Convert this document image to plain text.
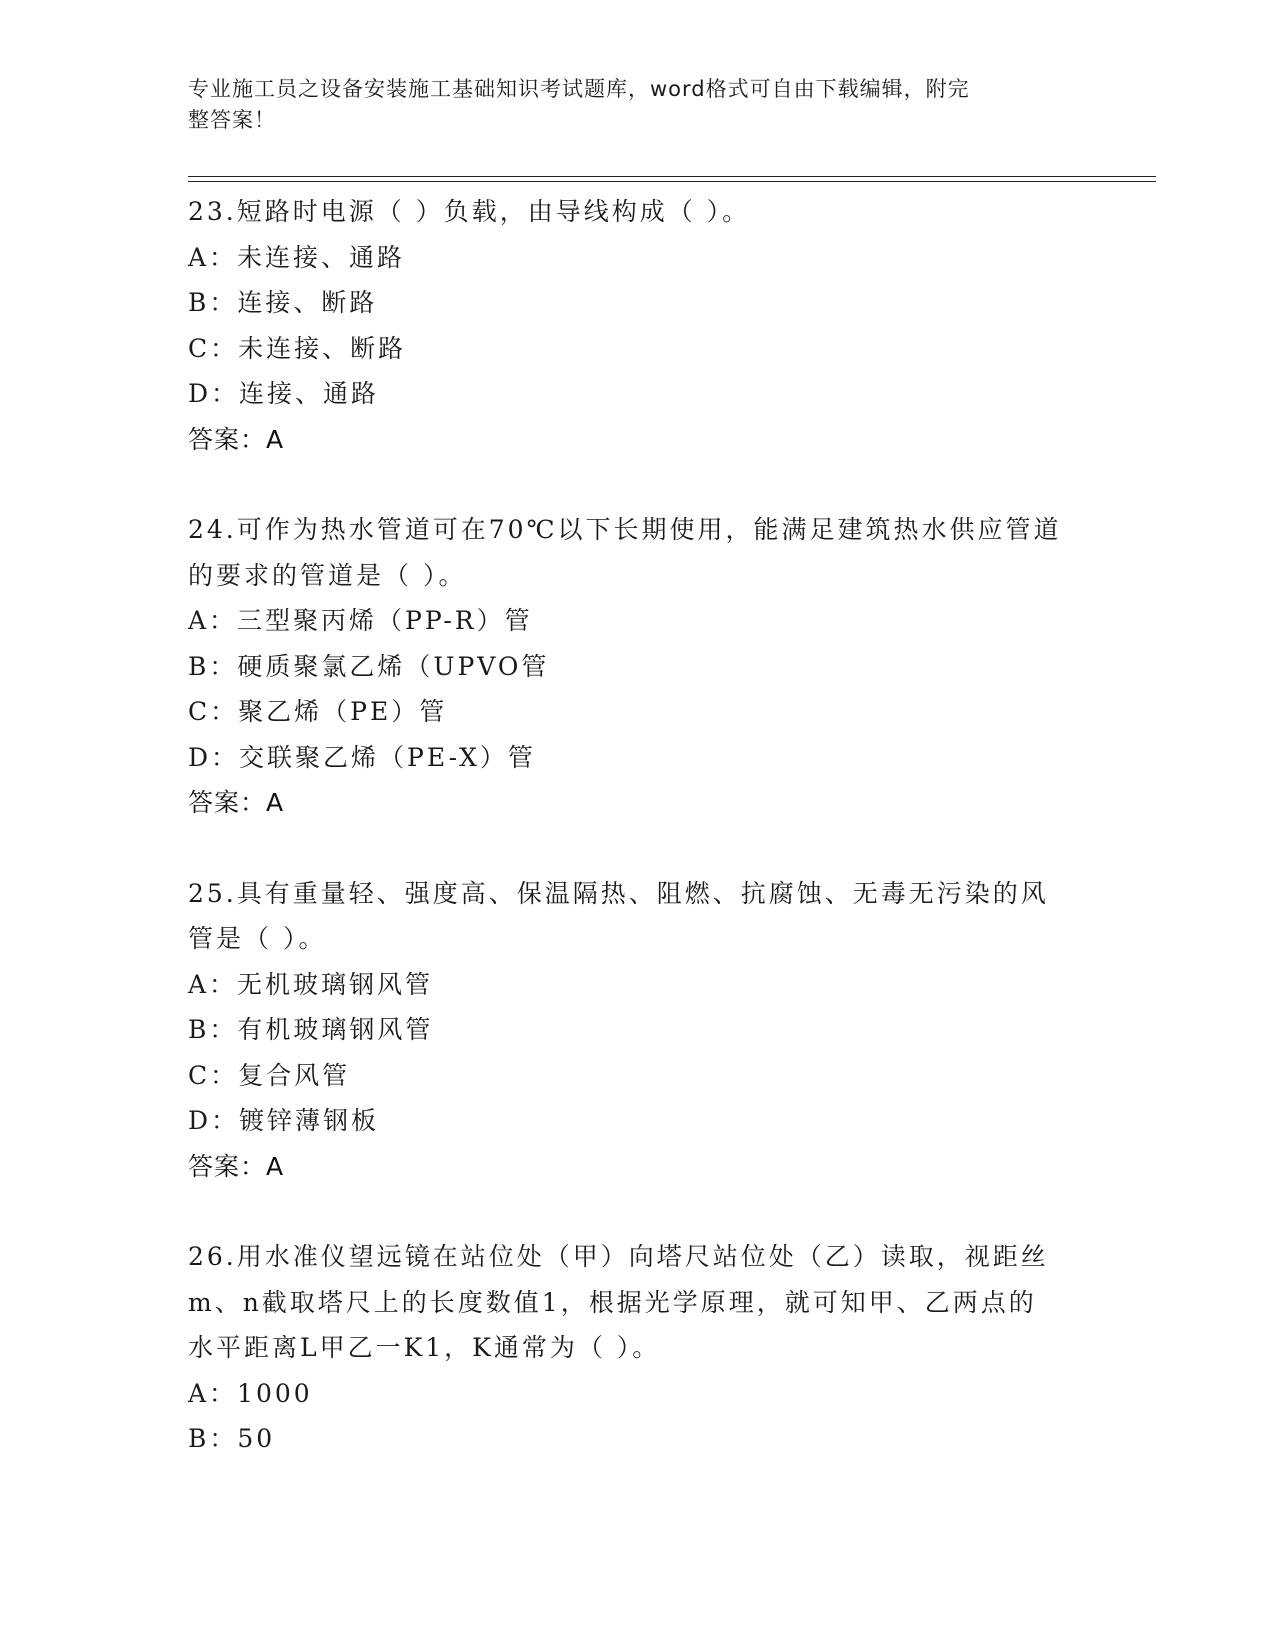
专业施工员之设备安装施工基础知识考试题库，word格式可自由下载编辑，附完
整答案！
23.短路时电源（ ）负载，由导线构成（ ）。
A：未连接、通路
B：连接、断路
C：未连接、断路
D：连接、通路
答案：A
24.可作为热水管道可在70℃以下长期使用，能满足建筑热水供应管道
的要求的管道是（ ）。
A：三型聚丙烯（PP-R）管
B：硬质聚氯乙烯（UPVO管
C：聚乙烯（PE）管
D：交联聚乙烯（PE-X）管
答案：A
25.具有重量轻、强度高、保温隔热、阻燃、抗腐蚀、无毒无污染的风
管是（ ）。
A：无机玻璃钢风管
B：有机玻璃钢风管
C：复合风管
D：镀锌薄钢板
答案：A
26.用水准仪望远镜在站位处（甲）向塔尺站位处（乙）读取，视距丝
m、n截取塔尺上的长度数值1，根据光学原理，就可知甲、乙两点的
水平距离L甲乙一K1，K通常为（ ）。
A：1000
B：50
